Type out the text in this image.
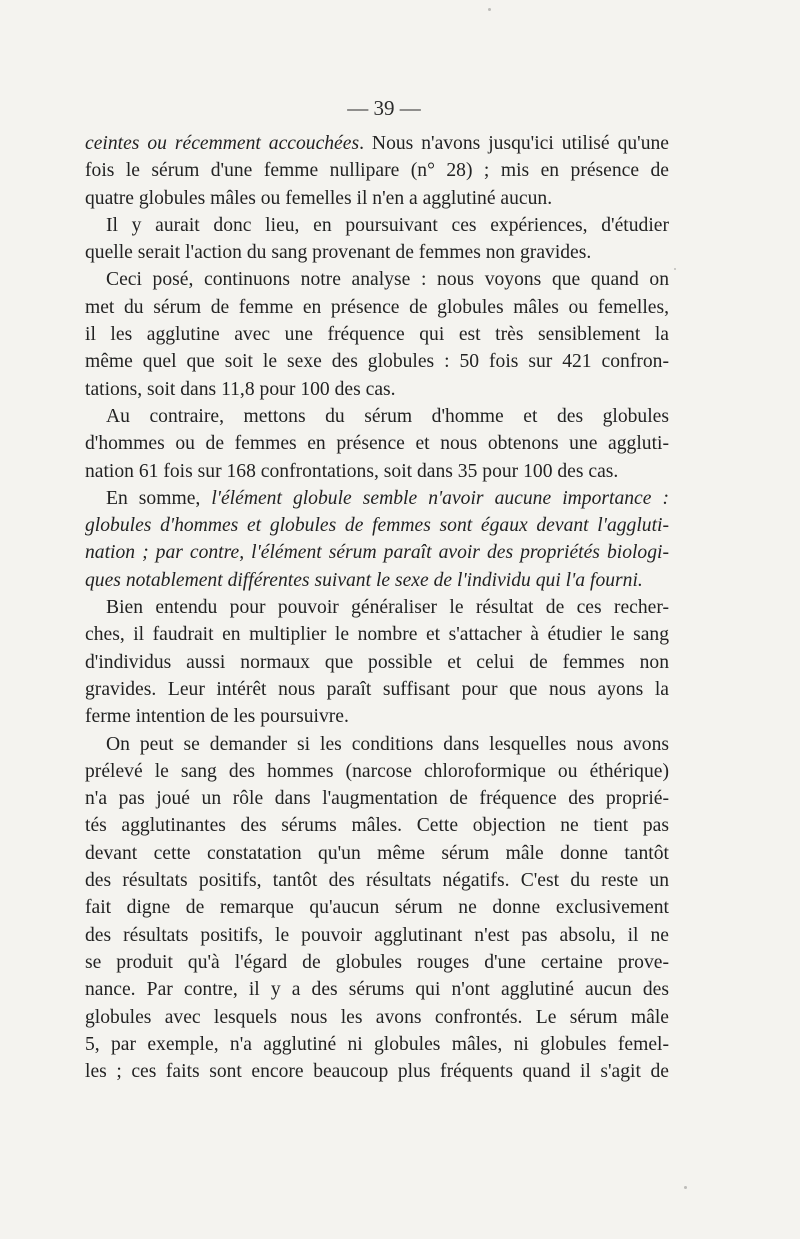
— 39 —
ceintes ou récemment accouchées. Nous n'avons jusqu'ici utilisé qu'une
fois le sérum d'une femme nullipare (n° 28) ; mis en présence de
quatre globules mâles ou femelles il n'en a agglutiné aucun.
Il y aurait donc lieu, en poursuivant ces expériences, d'étudier
quelle serait l'action du sang provenant de femmes non gravides.
Ceci posé, continuons notre analyse : nous voyons que quand on
met du sérum de femme en présence de globules mâles ou femelles,
il les agglutine avec une fréquence qui est très sensiblement la
même quel que soit le sexe des globules : 50 fois sur 421 confron-
tations, soit dans 11,8 pour 100 des cas.
Au contraire, mettons du sérum d'homme et des globules
d'hommes ou de femmes en présence et nous obtenons une aggluti-
nation 61 fois sur 168 confrontations, soit dans 35 pour 100 des cas.
En somme, l'élément globule semble n'avoir aucune importance :
globules d'hommes et globules de femmes sont égaux devant l'aggluti-
nation ; par contre, l'élément sérum paraît avoir des propriétés biologi-
ques notablement différentes suivant le sexe de l'individu qui l'a fourni.
Bien entendu pour pouvoir généraliser le résultat de ces recher-
ches, il faudrait en multiplier le nombre et s'attacher à étudier le sang
d'individus aussi normaux que possible et celui de femmes non
gravides. Leur intérêt nous paraît suffisant pour que nous ayons la
ferme intention de les poursuivre.
On peut se demander si les conditions dans lesquelles nous avons
prélevé le sang des hommes (narcose chloroformique ou éthérique)
n'a pas joué un rôle dans l'augmentation de fréquence des proprié-
tés agglutinantes des sérums mâles. Cette objection ne tient pas
devant cette constatation qu'un même sérum mâle donne tantôt
des résultats positifs, tantôt des résultats négatifs. C'est du reste un
fait digne de remarque qu'aucun sérum ne donne exclusivement
des résultats positifs, le pouvoir agglutinant n'est pas absolu, il ne
se produit qu'à l'égard de globules rouges d'une certaine prove-
nance. Par contre, il y a des sérums qui n'ont agglutiné aucun des
globules avec lesquels nous les avons confrontés. Le sérum mâle
5, par exemple, n'a agglutiné ni globules mâles, ni globules femel-
les ; ces faits sont encore beaucoup plus fréquents quand il s'agit de
